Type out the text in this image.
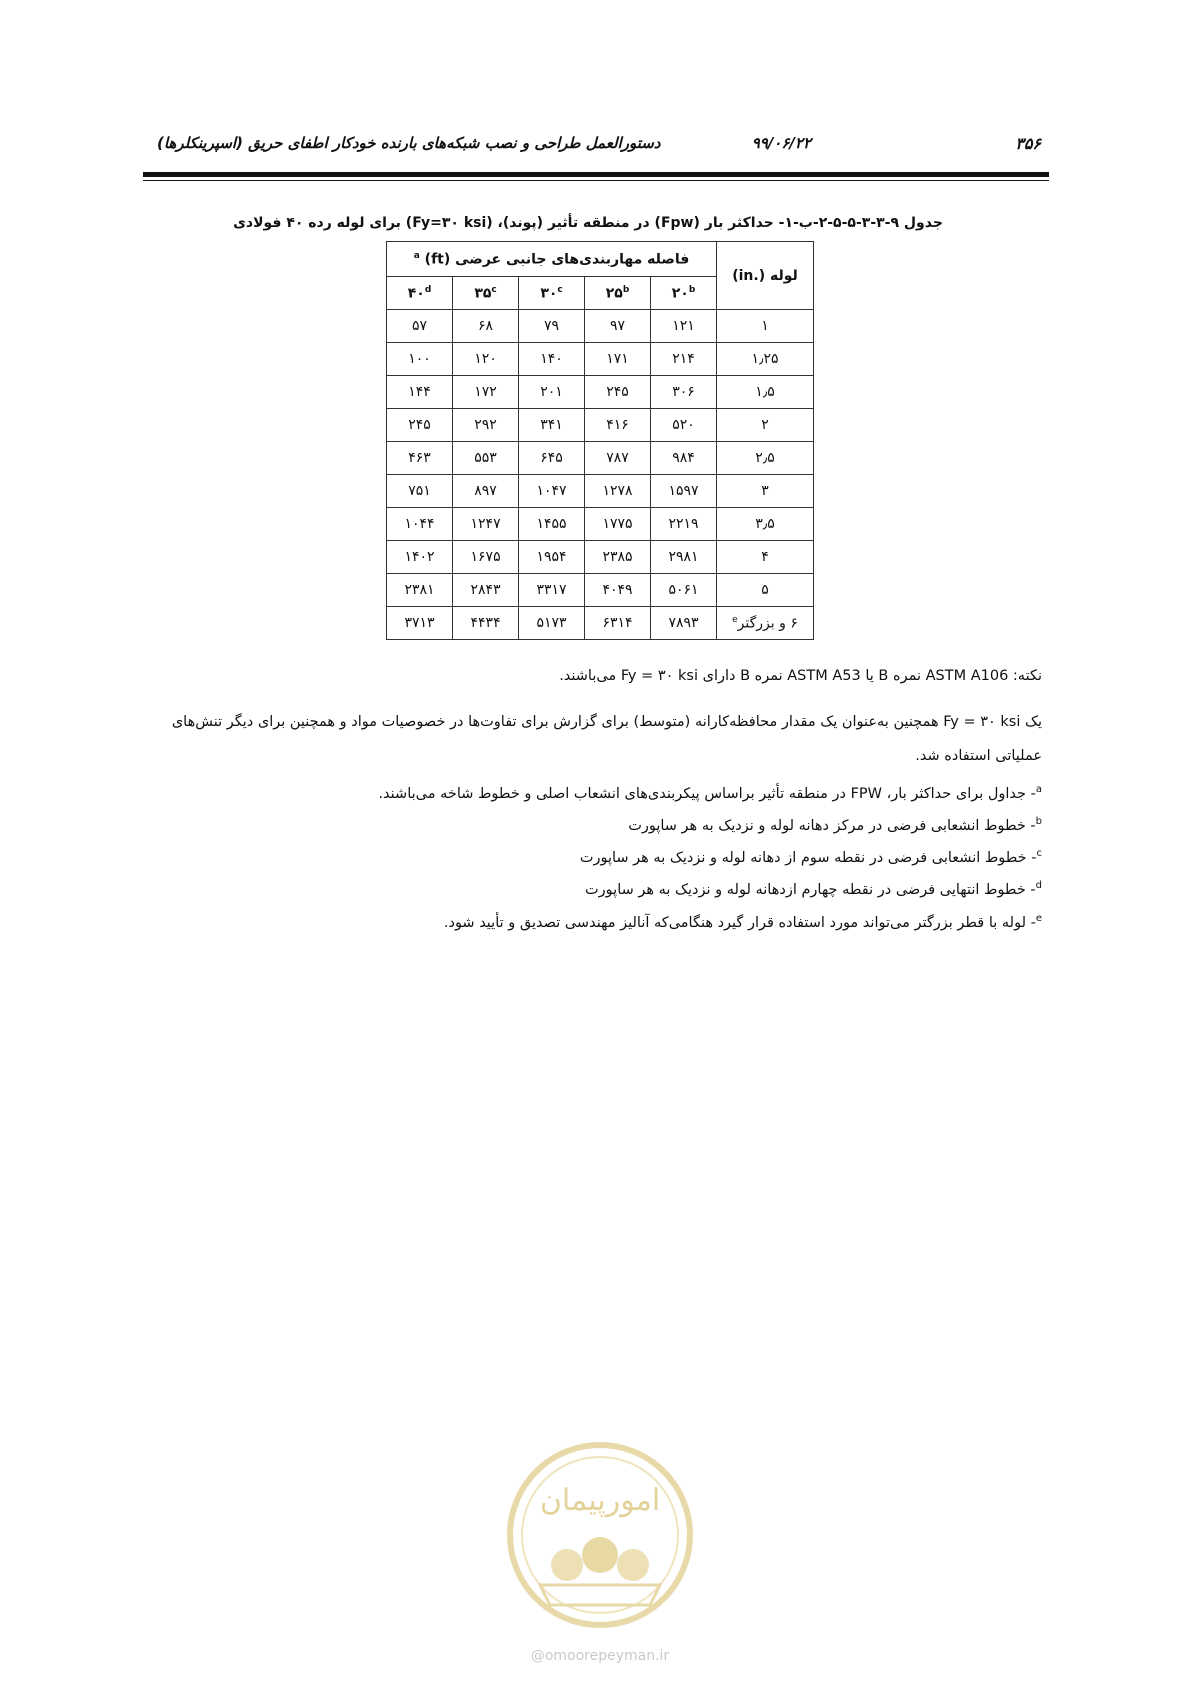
۳۵۶
۹۹/۰۶/۲۲
دستورالعمل طراحی و نصب شبکه‌های بارنده خودکار اطفای حریق (اسپرینکلرها)
جدول ۹-۳-۳-۵-۵-۲-ب-۱- حداکثر بار (Fpw) در منطقه تأثیر (پوند)، (Fy=۳۰ ksi) برای لوله رده ۴۰ فولادی
لوله (.in)	فاصله مهاربندی‌های جانبی عرضی (ft) $^a$
	۲۰$^b$	۲۵$^b$	۳۰$^c$	۳۵$^c$	۴۰$^d$
۱	۱۲۱	۹۷	۷۹	۶۸	۵۷
۱٫۲۵	۲۱۴	۱۷۱	۱۴۰	۱۲۰	۱۰۰
۱٫۵	۳۰۶	۲۴۵	۲۰۱	۱۷۲	۱۴۴
۲	۵۲۰	۴۱۶	۳۴۱	۲۹۲	۲۴۵
۲٫۵	۹۸۴	۷۸۷	۶۴۵	۵۵۳	۴۶۳
۳	۱۵۹۷	۱۲۷۸	۱۰۴۷	۸۹۷	۷۵۱
۳٫۵	۲۲۱۹	۱۷۷۵	۱۴۵۵	۱۲۴۷	۱۰۴۴
۴	۲۹۸۱	۲۳۸۵	۱۹۵۴	۱۶۷۵	۱۴۰۲
۵	۵۰۶۱	۴۰۴۹	۳۳۱۷	۲۸۴۳	۲۳۸۱
۶ و بزرگتر$^e$	۷۸۹۳	۶۳۱۴	۵۱۷۳	۴۴۳۴	۳۷۱۳
نکته: ASTM A106 نمره B یا ASTM A53 نمره B دارای Fy = ۳۰ ksi می‌باشند.
یک Fy = ۳۰ ksi همچنین به‌عنوان یک مقدار محافظه‌کارانه (متوسط) برای گزارش برای تفاوت‌ها در خصوصیات مواد و همچنین برای دیگر تنش‌های عملیاتی استفاده شد.
$^a$- جداول برای حداکثر بار، FPW در منطقه تأثیر براساس پیکربندی‌های انشعاب اصلی و خطوط شاخه می‌باشند.
$^b$- خطوط انشعابی فرضی در مرکز دهانه لوله و نزدیک به هر ساپورت
$^c$- خطوط انشعابی فرضی در نقطه سوم از دهانه لوله و نزدیک به هر ساپورت
$^d$- خطوط انتهایی فرضی در نقطه چهارم ازدهانه لوله و نزدیک به هر ساپورت
$^e$- لوله با قطر بزرگتر می‌تواند مورد استفاده قرار گیرد هنگامی‌که آنالیز مهندسی تصدیق و تأیید شود.
امورپیمان
@omoorepeyman.ir
